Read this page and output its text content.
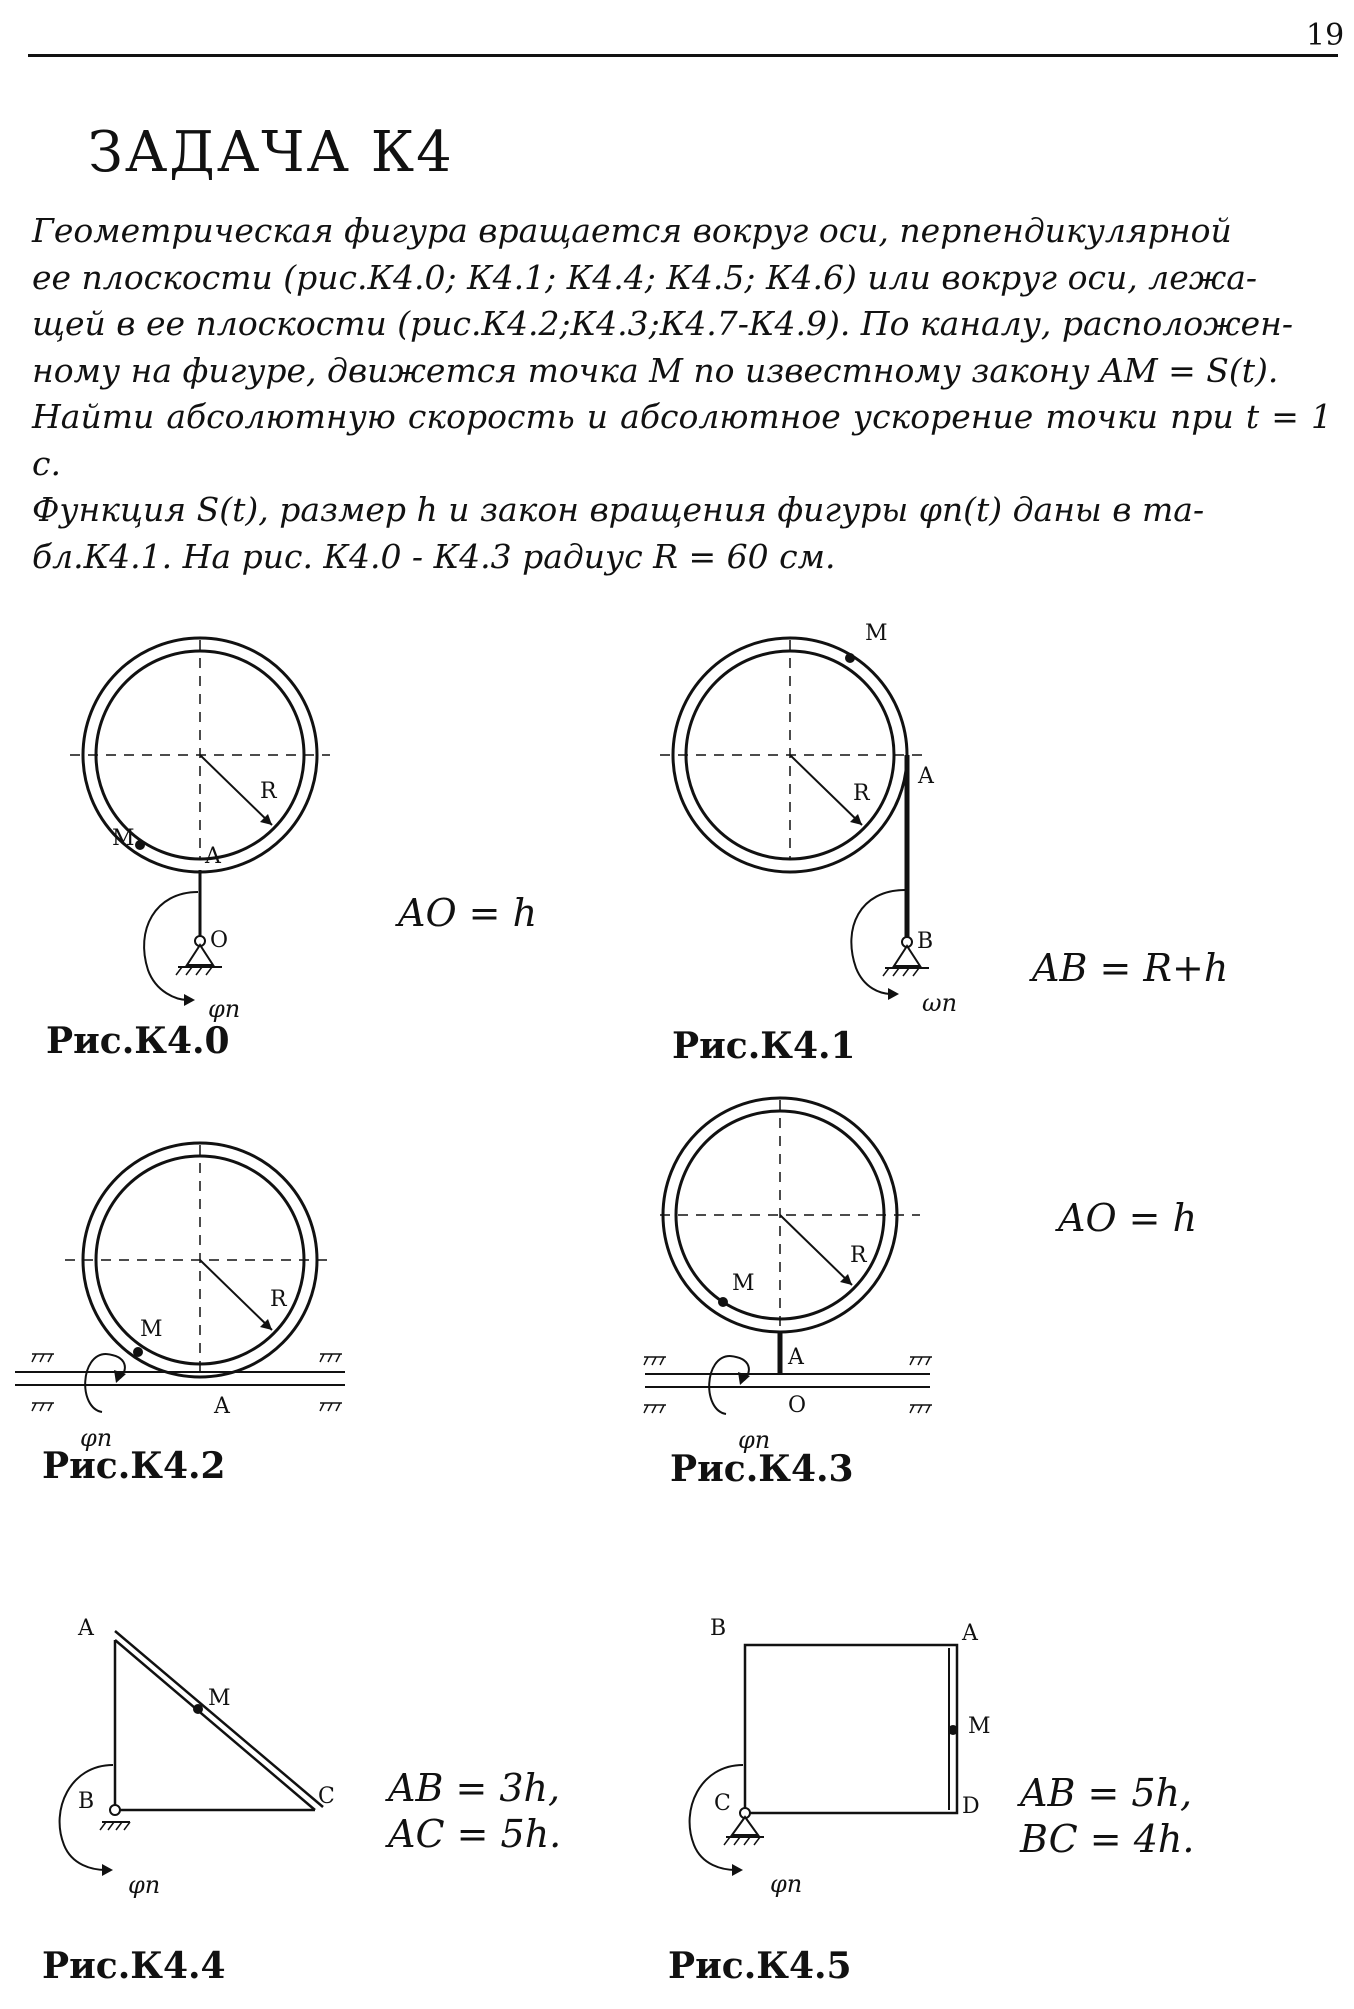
19
ЗАДАЧА К4

Геометрическая фигура вращается вокруг оси, перпендикулярной
ее плоскости (рис.К4.0; К4.1; К4.4; К4.5; К4.6) или вокруг оси, лежа-
щей в ее плоскости (рис.К4.2;К4.3;К4.7-К4.9). По каналу, расположен-
ному на фигуре, движется точка M по известному закону AM = S(t).
Найти абсолютную скорость и абсолютное ускорение точки при t = 1 с.
Функция S(t), размер h и закон вращения фигуры φп(t) даны в та-
бл.К4.1. На рис. К4.0 - К4.3 радиус R = 60 см.

R
M
A
O
φп
AO = h
Рис.К4.0
M
R
A
B
ωп
AB = R+h
Рис.К4.1
R
M
A
φп
Рис.К4.2
R
M
A
O
φп
AO = h
Рис.К4.3
A
M
B	C
φп
AB = 3h,
AC = 5h.
Рис.К4.4
B	A
M
C	D
φп
AB = 5h,
BC = 4h.
Рис.К4.5
